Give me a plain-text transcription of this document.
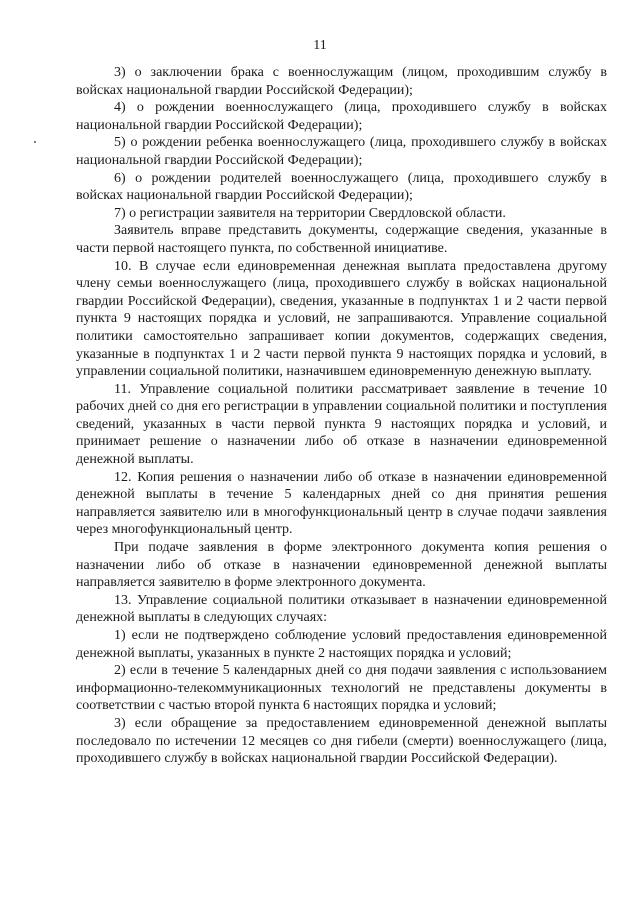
11

3) о заключении брака с военнослужащим (лицом, проходившим службу в войсках национальной гвардии Российской Федерации);

4) о рождении военнослужащего (лица, проходившего службу в войсках национальной гвардии Российской Федерации);

5) о рождении ребенка военнослужащего (лица, проходившего службу в войсках национальной гвардии Российской Федерации);

6) о рождении родителей военнослужащего (лица, проходившего службу в войсках национальной гвардии Российской Федерации);

7) о регистрации заявителя на территории Свердловской области.

Заявитель вправе представить документы, содержащие сведения, указанные в части первой настоящего пункта, по собственной инициативе.

10. В случае если единовременная денежная выплата предоставлена другому члену семьи военнослужащего (лица, проходившего службу в войсках национальной гвардии Российской Федерации), сведения, указанные в подпунктах 1 и 2 части первой пункта 9 настоящих порядка и условий, не запрашиваются. Управление социальной политики самостоятельно запрашивает копии документов, содержащих сведения, указанные в подпунктах 1 и 2 части первой пункта 9 настоящих порядка и условий, в управлении социальной политики, назначившем единовременную денежную выплату.

11. Управление социальной политики рассматривает заявление в течение 10 рабочих дней со дня его регистрации в управлении социальной политики и поступления сведений, указанных в части первой пункта 9 настоящих порядка и условий, и принимает решение о назначении либо об отказе в назначении единовременной денежной выплаты.

12. Копия решения о назначении либо об отказе в назначении единовременной денежной выплаты в течение 5 календарных дней со дня принятия решения направляется заявителю или в многофункциональный центр в случае подачи заявления через многофункциональный центр.

При подаче заявления в форме электронного документа копия решения о назначении либо об отказе в назначении единовременной денежной выплаты направляется заявителю в форме электронного документа.

13. Управление социальной политики отказывает в назначении единовременной денежной выплаты в следующих случаях:

1) если не подтверждено соблюдение условий предоставления единовременной денежной выплаты, указанных в пункте 2 настоящих порядка и условий;

2) если в течение 5 календарных дней со дня подачи заявления с использованием информационно-телекоммуникационных технологий не представлены документы в соответствии с частью второй пункта 6 настоящих порядка и условий;

3) если обращение за предоставлением единовременной денежной выплаты последовало по истечении 12 месяцев со дня гибели (смерти) военнослужащего (лица, проходившего службу в войсках национальной гвардии Российской Федерации).
